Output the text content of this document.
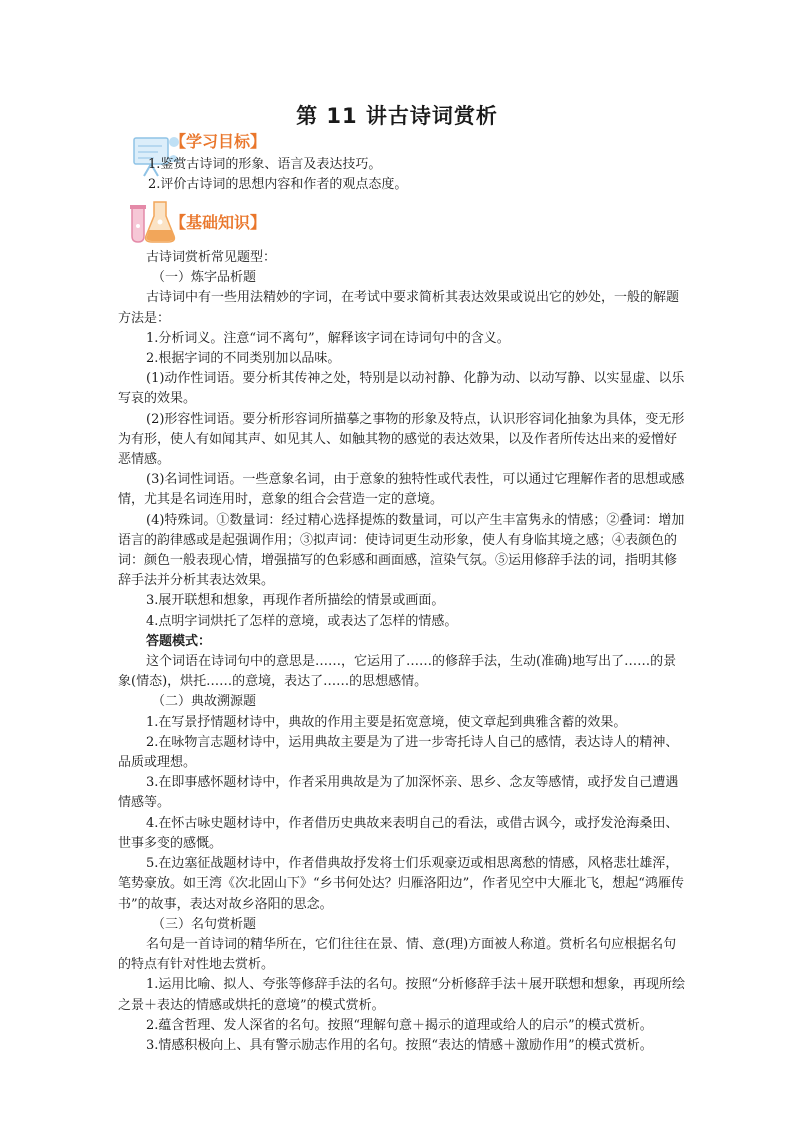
第 11 讲古诗词赏析
【学习目标】

1.鉴赏古诗词的形象、语言及表达技巧。

2.评价古诗词的思想内容和作者的观点态度。

【基础知识】

古诗词赏析常见题型：

（一）炼字品析题

古诗词中有一些用法精妙的字词，在考试中要求简析其表达效果或说出它的妙处，一般的解题方法是：

1.分析词义。注意“词不离句”，解释该字词在诗词句中的含义。

2.根据字词的不同类别加以品味。

(1)动作性词语。要分析其传神之处，特别是以动衬静、化静为动、以动写静、以实显虚、以乐写哀的效果。

(2)形容性词语。要分析形容词所描摹之事物的形象及特点，认识形容词化抽象为具体，变无形为有形，使人有如闻其声、如见其人、如触其物的感觉的表达效果，以及作者所传达出来的爱憎好恶情感。

(3)名词性词语。一些意象名词，由于意象的独特性或代表性，可以通过它理解作者的思想或感情，尤其是名词连用时，意象的组合会营造一定的意境。

(4)特殊词。①数量词：经过精心选择提炼的数量词，可以产生丰富隽永的情感；②叠词：增加语言的韵律感或是起强调作用；③拟声词：使诗词更生动形象，使人有身临其境之感；④表颜色的词：颜色一般表现心情，增强描写的色彩感和画面感，渲染气氛。⑤运用修辞手法的词，指明其修辞手法并分析其表达效果。

3.展开联想和想象，再现作者所描绘的情景或画面。

4.点明字词烘托了怎样的意境，或表达了怎样的情感。

答题模式：

这个词语在诗词句中的意思是……，它运用了……的修辞手法，生动(准确)地写出了……的景象(情态)，烘托……的意境，表达了……的思想感情。

（二）典故溯源题

1.在写景抒情题材诗中，典故的作用主要是拓宽意境，使文章起到典雅含蓄的效果。

2.在咏物言志题材诗中，运用典故主要是为了进一步寄托诗人自己的感情，表达诗人的精神、品质或理想。

3.在即事感怀题材诗中，作者采用典故是为了加深怀亲、思乡、念友等感情，或抒发自己遭遇情感等。

4.在怀古咏史题材诗中，作者借历史典故来表明自己的看法，或借古讽今，或抒发沧海桑田、世事多变的感慨。

5.在边塞征战题材诗中，作者借典故抒发将士们乐观豪迈或相思离愁的情感，风格悲壮雄浑，笔势豪放。如王湾《次北固山下》“乡书何处达？归雁洛阳边”，作者见空中大雁北飞，想起“鸿雁传书”的故事，表达对故乡洛阳的思念。

（三）名句赏析题

名句是一首诗词的精华所在，它们往往在景、情、意(理)方面被人称道。赏析名句应根据名句的特点有针对性地去赏析。

1.运用比喻、拟人、夸张等修辞手法的名句。按照“分析修辞手法＋展开联想和想象，再现所绘之景＋表达的情感或烘托的意境”的模式赏析。

2.蕴含哲理、发人深省的名句。按照“理解句意＋揭示的道理或给人的启示”的模式赏析。

3.情感积极向上、具有警示励志作用的名句。按照“表达的情感＋激励作用”的模式赏析。
